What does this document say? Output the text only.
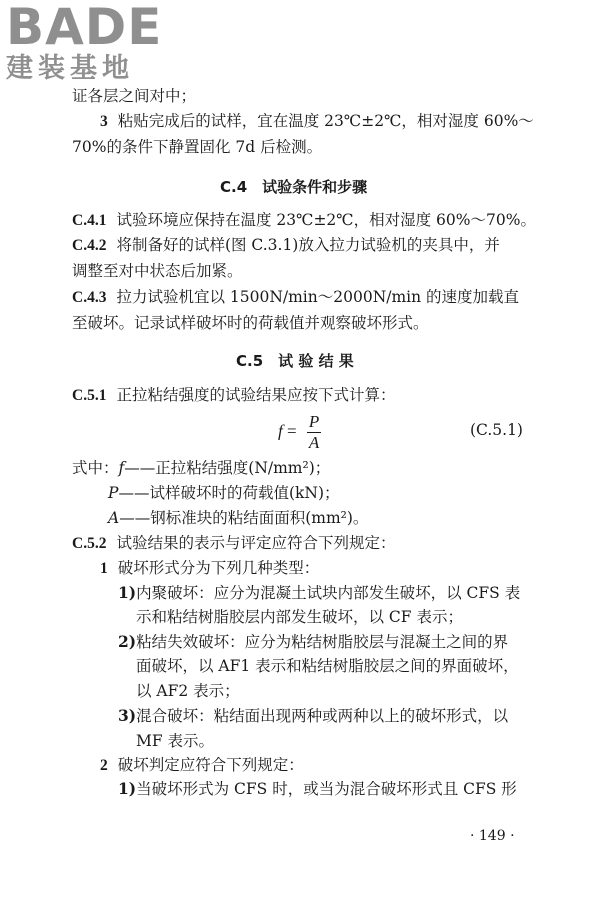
BADE
建装基地
证各层之间对中；
3 粘贴完成后的试样，宜在温度 23℃±2℃，相对湿度 60%～
70%的条件下静置固化 7d 后检测。
C.4　试验条件和步骤
C.4.1 试验环境应保持在温度 23℃±2℃，相对湿度 60%～70%。
C.4.2 将制备好的试样(图 C.3.1)放入拉力试验机的夹具中，并
调整至对中状态后加紧。
C.4.3 拉力试验机宜以 1500N/min～2000N/min 的速度加载直
至破坏。记录试样破坏时的荷载值并观察破坏形式。
C.5　试 验 结 果
C.5.1 正拉粘结强度的试验结果应按下式计算：
$f = \frac{P}{A}$	(C.5.1)
式中：f——正拉粘结强度(N/mm²)；
P——试样破坏时的荷载值(kN)；
A——钢标准块的粘结面面积(mm²)。
C.5.2 试验结果的表示与评定应符合下列规定：
1 破坏形式分为下列几种类型：
1)内聚破坏：应分为混凝土试块内部发生破坏，以 CFS 表
示和粘结树脂胶层内部发生破坏，以 CF 表示；
2)粘结失效破坏：应分为粘结树脂胶层与混凝土之间的界
面破坏，以 AF1 表示和粘结树脂胶层之间的界面破坏，
以 AF2 表示；
3)混合破坏：粘结面出现两种或两种以上的破坏形式，以
MF 表示。
2 破坏判定应符合下列规定：
1)当破坏形式为 CFS 时，或当为混合破坏形式且 CFS 形
· 149 ·
